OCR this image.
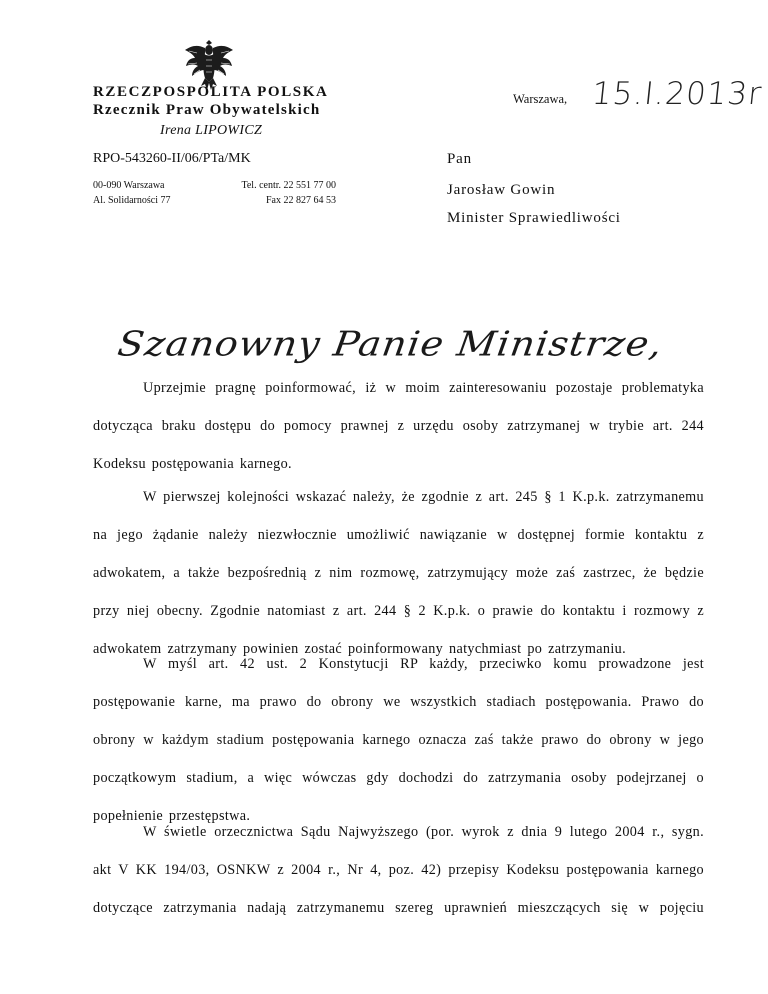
RZECZPOSPOLITA POLSKA
Rzecznik Praw Obywatelskich
Irena LIPOWICZ
RPO-543260-II/06/PTa/MK
00-090 Warszawa
Al. Solidarności 77
Tel. centr. 22 551 77 00
Fax 22 827 64 53
Warszawa, 15.I.2013r
Pan
Jarosław Gowin
Minister Sprawiedliwości
Szanowny Panie Ministrze,
Uprzejmie pragnę poinformować, iż w moim zainteresowaniu pozostaje problematyka
dotycząca braku dostępu do pomocy prawnej z urzędu osoby zatrzymanej w trybie art. 244
Kodeksu postępowania karnego.
W pierwszej kolejności wskazać należy, że zgodnie z art. 245 § 1 K.p.k. zatrzymanemu
na jego żądanie należy niezwłocznie umożliwić nawiązanie w dostępnej formie kontaktu z
adwokatem, a także bezpośrednią z nim rozmowę, zatrzymujący może zaś zastrzec, że będzie
przy niej obecny. Zgodnie natomiast z art. 244 § 2 K.p.k. o prawie do kontaktu i rozmowy z
adwokatem zatrzymany powinien zostać poinformowany natychmiast po zatrzymaniu.
W myśl art. 42 ust. 2 Konstytucji RP każdy, przeciwko komu prowadzone jest
postępowanie karne, ma prawo do obrony we wszystkich stadiach postępowania. Prawo do
obrony w każdym stadium postępowania karnego oznacza zaś także prawo do obrony w jego
początkowym stadium, a więc wówczas gdy dochodzi do zatrzymania osoby podejrzanej o
popełnienie przestępstwa.
W świetle orzecznictwa Sądu Najwyższego (por. wyrok z dnia 9 lutego 2004 r., sygn.
akt V KK 194/03, OSNKW z 2004 r., Nr 4, poz. 42) przepisy Kodeksu postępowania karnego
dotyczące zatrzymania nadają zatrzymanemu szereg uprawnień mieszczących się w pojęciu
